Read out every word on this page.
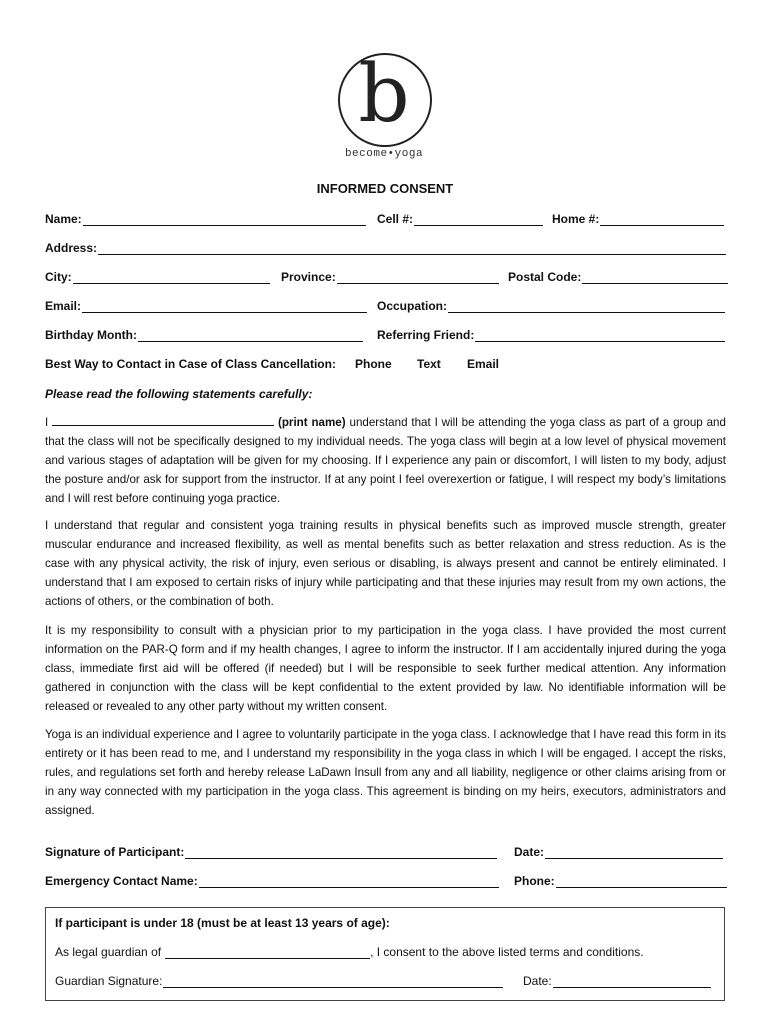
b
become•yoga
INFORMED CONSENT
Name:	Cell #:	Home #:
Address:
City:	Province:	Postal Code:
Email:	Occupation:
Birthday Month:	Referring Friend:
Best Way to Contact in Case of Class Cancellation: Phone Text Email
Please read the following statements carefully:

I	(print name) understand that I will be attending the yoga class as part of a group and that the class will not be specifically designed to my individual needs. The yoga class will begin at a low level of physical movement and various stages of adaptation will be given for my choosing. If I experience any pain or discomfort, I will listen to my body, adjust the posture and/or ask for support from the instructor. If at any point I feel overexertion or fatigue, I will respect my body’s limitations and I will rest before continuing yoga practice.

I understand that regular and consistent yoga training results in physical benefits such as improved muscle strength, greater muscular endurance and increased flexibility, as well as mental benefits such as better relaxation and stress reduction. As is the case with any physical activity, the risk of injury, even serious or disabling, is always present and cannot be entirely eliminated. I understand that I am exposed to certain risks of injury while participating and that these injuries may result from my own actions, the actions of others, or the combination of both.

It is my responsibility to consult with a physician prior to my participation in the yoga class. I have provided the most current information on the PAR-Q form and if my health changes, I agree to inform the instructor. If I am accidentally injured during the yoga class, immediate first aid will be offered (if needed) but I will be responsible to seek further medical attention. Any information gathered in conjunction with the class will be kept confidential to the extent provided by law. No identifiable information will be released or revealed to any other party without my written consent.

Yoga is an individual experience and I agree to voluntarily participate in the yoga class. I acknowledge that I have read this form in its entirety or it has been read to me, and I understand my responsibility in the yoga class in which I will be engaged. I accept the risks, rules, and regulations set forth and hereby release LaDawn Insull from any and all liability, negligence or other claims arising from or in any way connected with my participation in the yoga class. This agreement is binding on my heirs, executors, administrators and assigned.

Signature of Participant:	Date:
Emergency Contact Name:	Phone:
If participant is under 18 (must be at least 13 years of age):
As legal guardian of	, I consent to the above listed terms and conditions.
Guardian Signature:	Date:
